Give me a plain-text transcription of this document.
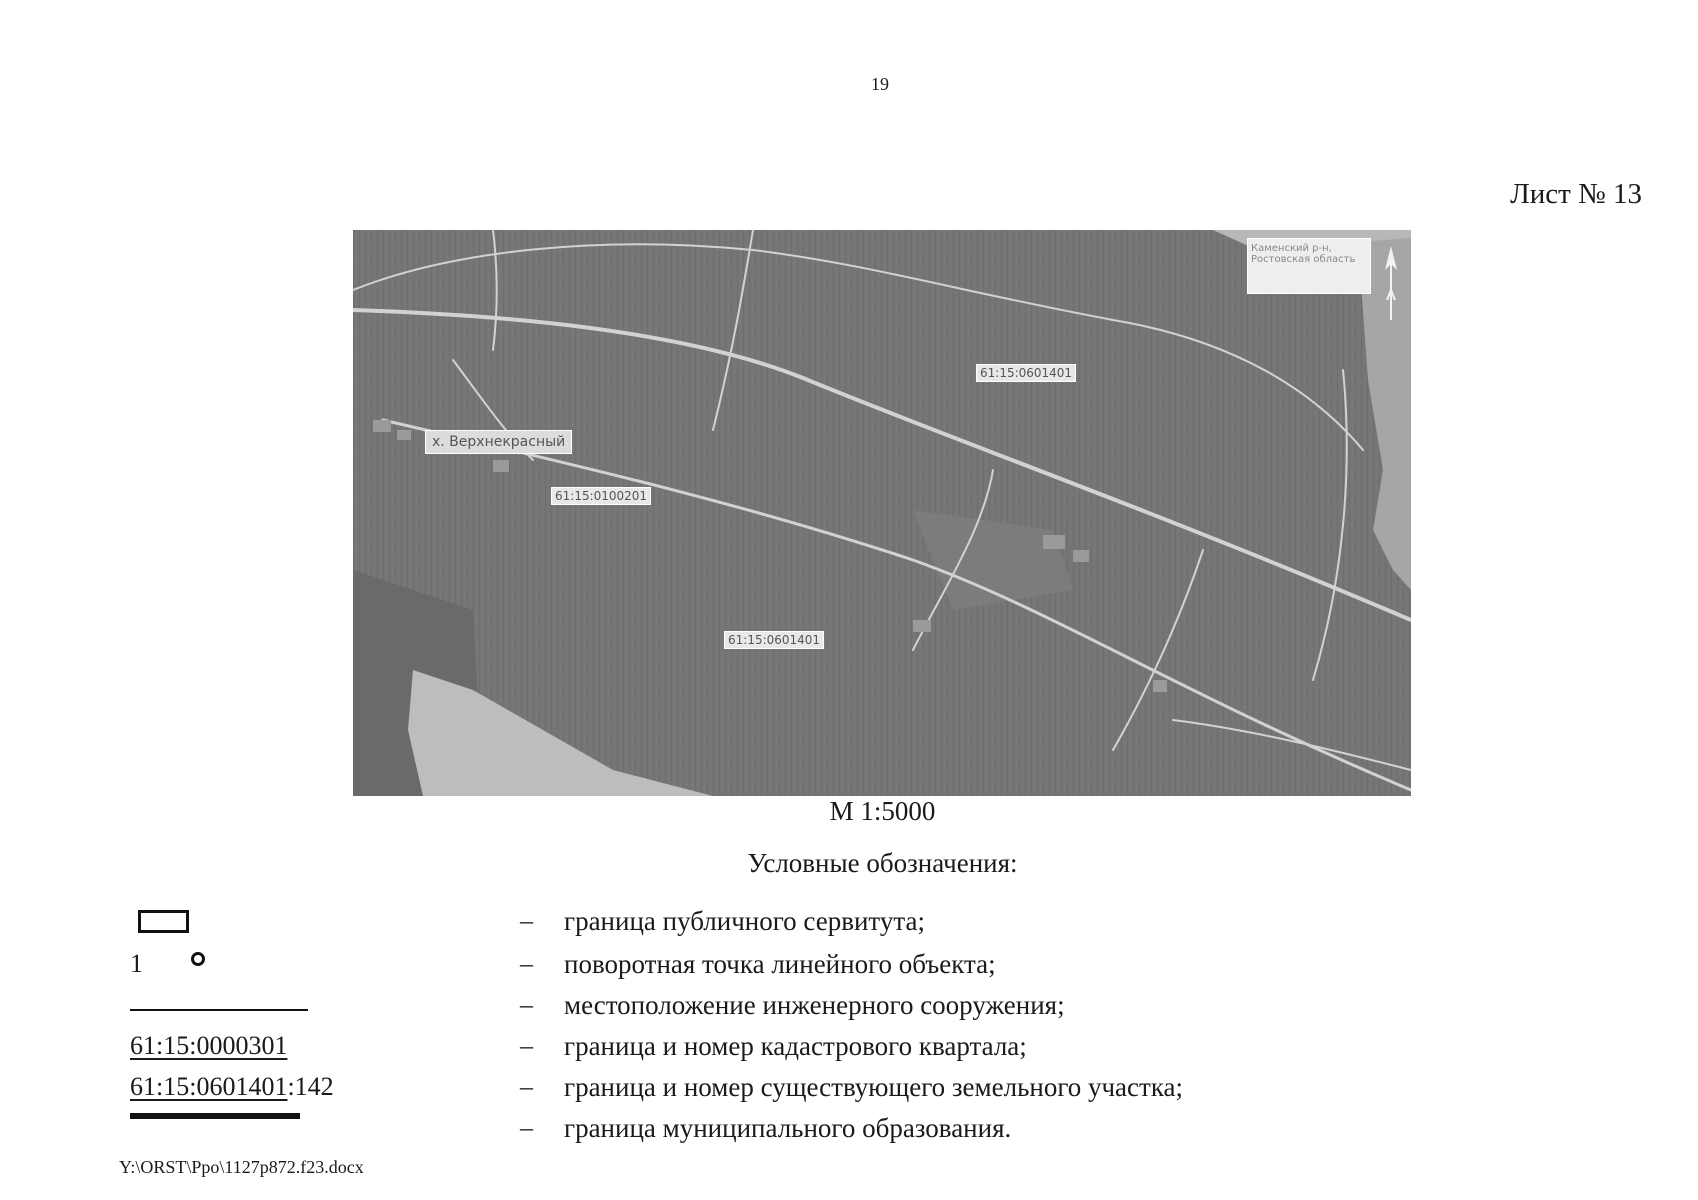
19
Лист № 13
х. Верхнекрасный
61:15:0601401
61:15:0100201
61:15:0601401
Каменский р-н, Ростовская область
М 1:5000
Условные обозначения:
– граница публичного сервитута;
1	– поворотная точка линейного объекта;
– местоположение инженерного сооружения;
61:15:0000301	– граница и номер кадастрового квартала;
61:15:0601401:142	– граница и номер существующего земельного участка;
– граница муниципального образования.
Y:\ORST\Ppo\1127p872.f23.docx
